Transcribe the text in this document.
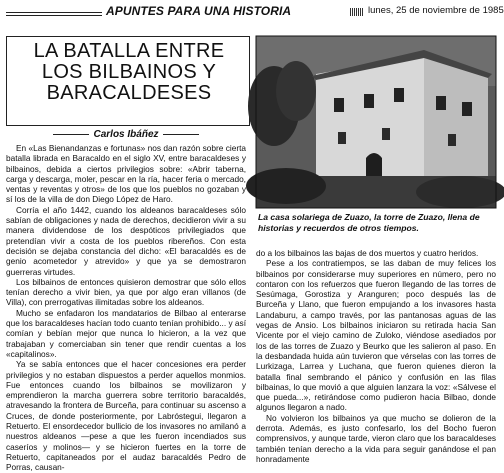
APUNTES PARA UNA HISTORIA	lunes, 25 de noviembre de 1985
LA BATALLA ENTRE
LOS BILBAINOS Y
BARACALDESES
La casa solariega de Zuazo, la torre de Zuazo, llena de historias y recuerdos de otros tiempos.
Carlos Ibáñez

En «Las Bienandanzas e fortunas» nos dan razón sobre cierta batalla librada en Baracaldo en el siglo XV, entre baracaldeses y bilbainos, debida a ciertos privilegios sobre: «Abrir taberna, carga y descarga, moler, pescar en la ría, hacer feria o mercado, ventas y reventas y otros» de los que los pueblos no gozaban y sí los de la villa de don Diego López de Haro.

Corría el año 1442, cuando los aldeanos baracaldeses sólo sabían de obligaciones y nada de derechos, decidieron vivir a su manera dividendose de los despóticos privilegiados que pretendían vivir a costa de los pueblos ribereños. Con esta decisión se dejaba constancia del dicho: «El baracaldés es de genio acometedor y atrevido» y que ya se demostraron guerreras virtudes.

Los bilbainos de entonces quisieron demostrar que sólo ellos tenían derecho a vivir bien, ya que por algo eran villanos (de Villa), con prerrogativas ilimitadas sobre los aldeanos.

Mucho se enfadaron los mandatarios de Bilbao al enterarse que los baracaldeses hacían todo cuanto tenían prohibido... y así comían y bebían mejor que nunca lo hicieron, a la vez que trabajaban y comerciaban sin tener que rendir cuentas a los «capitalinos».

Ya se sabía entonces que el hacer concesiones era perder privilegios y no estaban dispuestos a perder aquellos monmios. Fue entonces cuando los bilbainos se movilizaron y emprendieron la marcha guerrera sobre territorio baracaldés, atravesando la frontera de Burceña, para continuar su ascenso a Cruces, de donde posteriormente, por Labróstegui, llegaron a Retuerto. El ensordecedor bullicio de los invasores no amilanó a nuestros aldeanos —pese a que les fueron incendiados sus caseríos y molinos— y se hicieron fuertes en la torre de Retuerto, capitaneados por el audaz baracaldés Pedro de Porras, causan-

do a los bilbainos las bajas de dos muertos y cuatro heridos.

Pese a los contratiempos, se las daban de muy felices los bilbainos por considerarse muy superiores en número, pero no contaron con los refuerzos que fueron llegando de las torres de Sesúmaga, Gorostiza y Aranguren; poco después las de Burceña y Llano, que fueron empujando a los invasores hasta Landaburu, a campo través, por las pantanosas aguas de las vegas de Ansio. Los bilbainos iniciaron su retirada hacia San Vicente por el viejo camino de Zuloko, viéndose asediados por los de las torres de Zuazo y Beurko que les salieron al paso. En la desbandada huida aún tuvieron que vérselas con las torres de Lurkizaga, Larrea y Luchana, que fueron quienes dieron la batalla final sembrando el pánico y confusión en las filas bilbainas, lo que movió a que alguien lanzara la voz: «Sálvese el que pueda...», retirándose como pudieron hacia Bilbao, donde algunos llegaron a nado.

No volvieron los bilbainos ya que mucho se dolieron de la derrota. Además, es justo confesarlo, los del Bocho fueron comprensivos, y aunque tarde, vieron claro que los baracaldeses también tenían derecho a la vida para seguir ganándose el pan honradamente
